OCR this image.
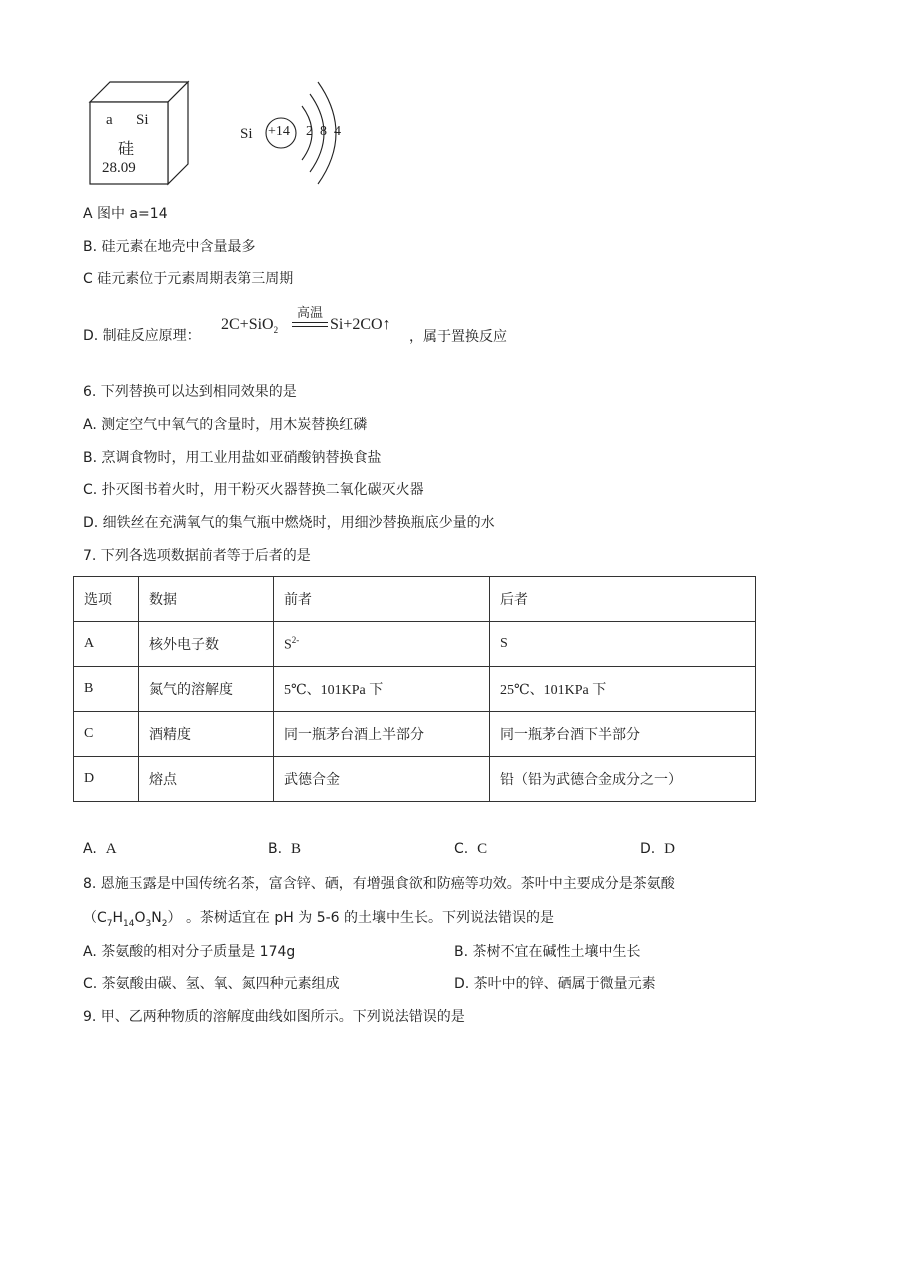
a Si
硅
28.09
Si +14 2 8 4
A 图中 a=14
B. 硅元素在地壳中含量最多
C 硅元素位于元素周期表第三周期
D. 制硅反应原理：
2C+SiO$_2$
高温
Si+2CO↑
，属于置换反应
6. 下列替换可以达到相同效果的是
A. 测定空气中氧气的含量时，用木炭替换红磷
B. 烹调食物时，用工业用盐如亚硝酸钠替换食盐
C. 扑灭图书着火时，用干粉灭火器替换二氧化碳灭火器
D. 细铁丝在充满氧气的集气瓶中燃烧时，用细沙替换瓶底少量的水
7. 下列各选项数据前者等于后者的是
选项	数据	前者	后者
A	核外电子数	$S^{2-}$	S
B	氮气的溶解度	5℃、101KPa 下	25℃、101KPa 下
C	酒精度	同一瓶茅台酒上半部分	同一瓶茅台酒下半部分
D	熔点	武德合金	铅（铅为武德合金成分之一）
A. A	B. B	C. C	D. D
8. 恩施玉露是中国传统名茶，富含锌、硒，有增强食欲和防癌等功效。茶叶中主要成分是茶氨酸
$(C_7H_{14}O_3N_2)$ 。茶树适宜在 pH 为 5-6 的土壤中生长。下列说法错误的是
A. 茶氨酸的相对分子质量是 174g	B. 茶树不宜在碱性土壤中生长
C. 茶氨酸由碳、氢、氧、氮四种元素组成	D. 茶叶中的锌、硒属于微量元素
9. 甲、乙两种物质的溶解度曲线如图所示。下列说法错误的是
